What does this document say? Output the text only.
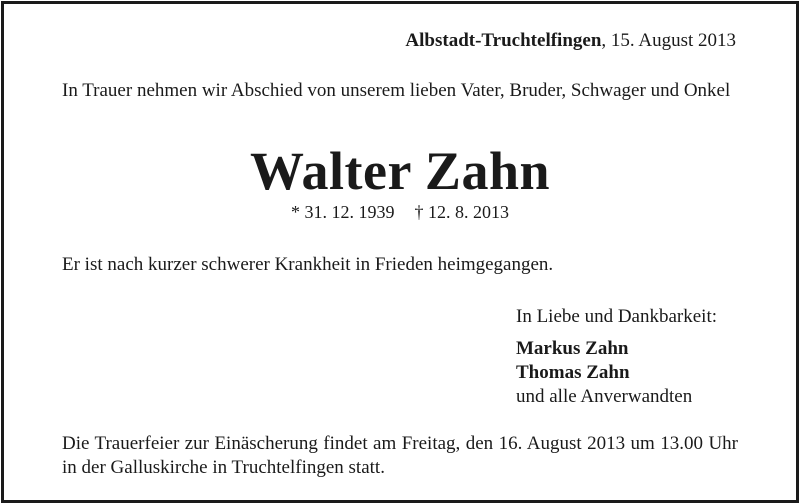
Albstadt-Truchtelfingen, 15. August 2013
In Trauer nehmen wir Abschied von unserem lieben Vater, Bruder, Schwager und Onkel
Walter Zahn
* 31. 12. 1939 † 12. 8. 2013
Er ist nach kurzer schwerer Krankheit in Frieden heimgegangen.
In Liebe und Dankbarkeit:
Markus Zahn
Thomas Zahn
und alle Anverwandten
Die Trauerfeier zur Einäscherung findet am Freitag, den 16. August 2013 um 13.00 Uhr in der Galluskirche in Truchtelfingen statt.
